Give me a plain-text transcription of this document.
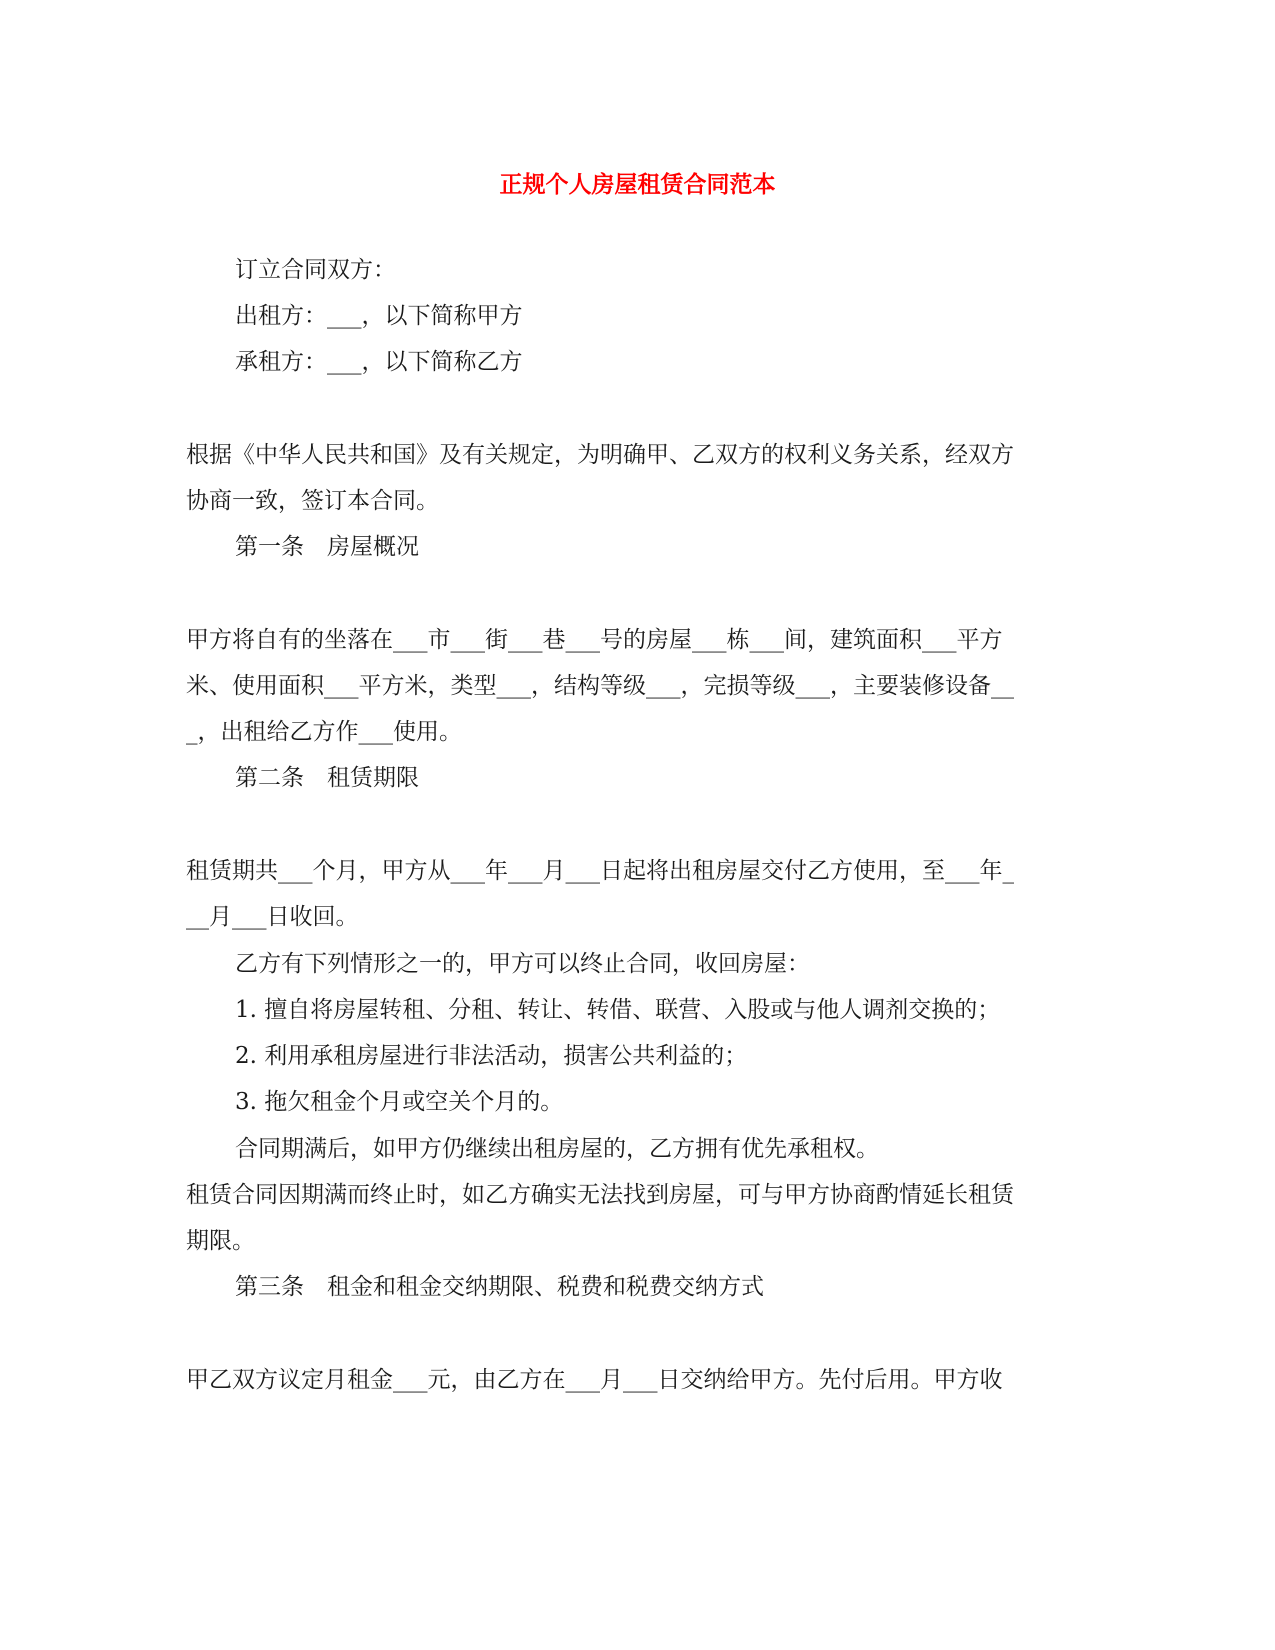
正规个人房屋租赁合同范本
订立合同双方：
出租方：___，以下简称甲方
承租方：___，以下简称乙方
根据《中华人民共和国》及有关规定，为明确甲、乙双方的权利义务关系，经双方
协商一致，签订本合同。
第一条　房屋概况
甲方将自有的坐落在___市___街___巷___号的房屋___栋___间，建筑面积___平方
米、使用面积___平方米，类型___，结构等级___，完损等级___，主要装修设备__
_，出租给乙方作___使用。
第二条　租赁期限
租赁期共___个月，甲方从___年___月___日起将出租房屋交付乙方使用，至___年_
__月___日收回。
乙方有下列情形之一的，甲方可以终止合同，收回房屋：
1. 擅自将房屋转租、分租、转让、转借、联营、入股或与他人调剂交换的；
2. 利用承租房屋进行非法活动，损害公共利益的；
3. 拖欠租金个月或空关个月的。
合同期满后，如甲方仍继续出租房屋的，乙方拥有优先承租权。
租赁合同因期满而终止时，如乙方确实无法找到房屋，可与甲方协商酌情延长租赁
期限。
第三条　租金和租金交纳期限、税费和税费交纳方式
甲乙双方议定月租金___元，由乙方在___月___日交纳给甲方。先付后用。甲方收
